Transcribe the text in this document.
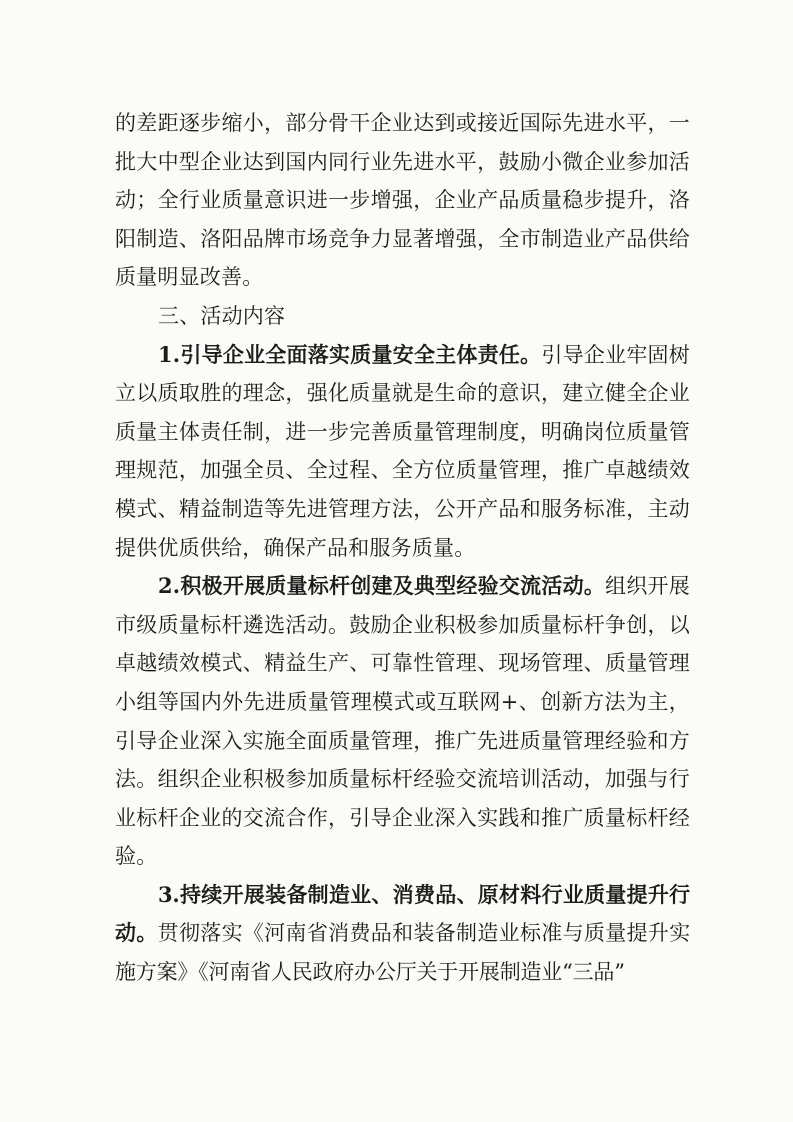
的差距逐步缩小，部分骨干企业达到或接近国际先进水平，一批大中型企业达到国内同行业先进水平，鼓励小微企业参加活动；全行业质量意识进一步增强，企业产品质量稳步提升，洛阳制造、洛阳品牌市场竞争力显著增强，全市制造业产品供给质量明显改善。

三、活动内容

1.引导企业全面落实质量安全主体责任。引导企业牢固树立以质取胜的理念，强化质量就是生命的意识，建立健全企业质量主体责任制，进一步完善质量管理制度，明确岗位质量管理规范，加强全员、全过程、全方位质量管理，推广卓越绩效模式、精益制造等先进管理方法，公开产品和服务标准，主动提供优质供给，确保产品和服务质量。

2.积极开展质量标杆创建及典型经验交流活动。组织开展市级质量标杆遴选活动。鼓励企业积极参加质量标杆争创，以卓越绩效模式、精益生产、可靠性管理、现场管理、质量管理小组等国内外先进质量管理模式或互联网+、创新方法为主，引导企业深入实施全面质量管理，推广先进质量管理经验和方法。组织企业积极参加质量标杆经验交流培训活动，加强与行业标杆企业的交流合作，引导企业深入实践和推广质量标杆经验。

3.持续开展装备制造业、消费品、原材料行业质量提升行动。贯彻落实《河南省消费品和装备制造业标准与质量提升实施方案》《河南省人民政府办公厅关于开展制造业“三品”
